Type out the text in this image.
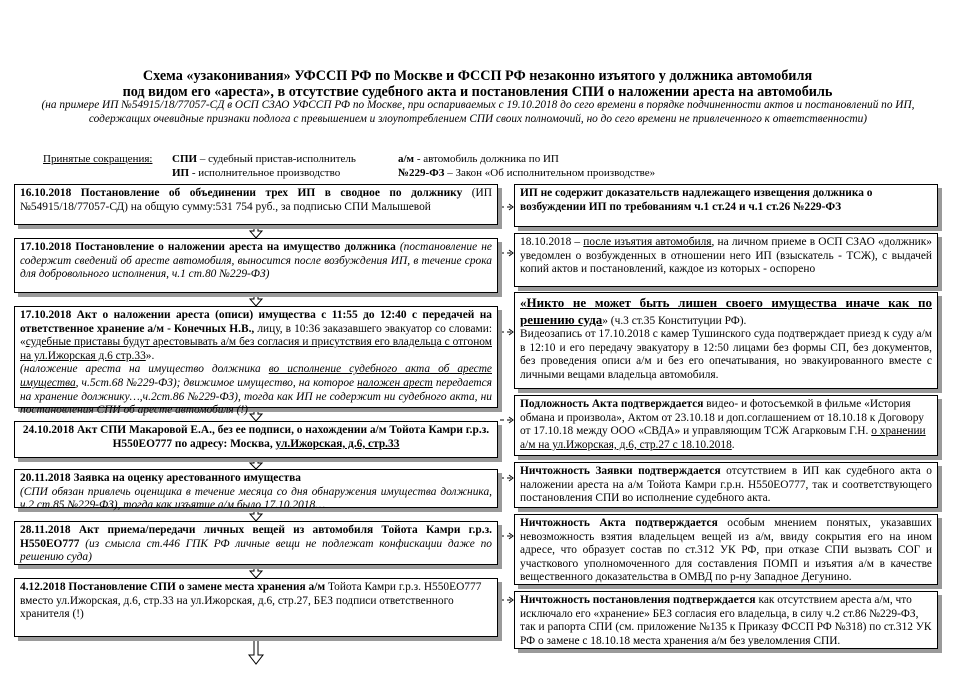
Схема «узаконивания» УФССП РФ по Москве и ФССП РФ незаконно изъятого у должника автомобиля
под видом его «ареста», в отсутствие судебного акта и постановления СПИ о наложении ареста на автомобиль
(на примере ИП №54915/18/77057-СД в ОСП СЗАО УФССП РФ по Москве, при оспариваемых с 19.10.2018 до сего времени в порядке подчиненности актов и постановлений по ИП, содержащих очевидные признаки подлога с превышением и злоупотреблением СПИ своих полномочий, но до сего времени не привлеченного к ответственности)
Принятые сокращения: СПИ – судебный пристав-исполнитель
ИП - исполнительное производство
а/м - автомобиль должника по ИП
№229-ФЗ – Закон «Об исполнительном производстве»
16.10.2018 Постановление об объединении трех ИП в сводное по должнику (ИП №54915/18/77057-СД) на общую сумму:531 754 руб., за подписью СПИ Малышевой
17.10.2018 Постановление о наложении ареста на имущество должника (постановление не содержит сведений об аресте автомобиля, выносится после возбуждения ИП, в течение срока для добровольного исполнения, ч.1 ст.80 №229-ФЗ)
17.10.2018 Акт о наложении ареста (описи) имущества с 11:55 до 12:40 с передачей на ответственное хранение а/м - Конечных Н.В., лицу, в 10:36 заказавшего эвакуатор со словами: «судебные приставы будут арестовывать а/м без согласия и присутствия его владельца с отгоном на ул.Ижорская д.6 стр.33».
(наложение ареста на имущество должника во исполнение судебного акта об аресте имущества, ч.5ст.68 №229-ФЗ); движимое имущество, на которое наложен арест передается на хранение должнику…,ч.2ст.86 №229-ФЗ), тогда как ИП не содержит ни судебного акта, ни постановления СПИ об аресте автомобиля (!)
24.10.2018 Акт СПИ Макаровой Е.А., без ее подписи, о нахождении а/м Тойота Камри г.р.з. Н550ЕО777 по адресу: Москва, ул.Ижорская, д.6, стр.33

20.11.2018 Заявка на оценку арестованного имущества

(СПИ обязан привлечь оценщика в течение месяца со дня обнаружения имущества должника, ч.2 ст.85 №229-ФЗ), тогда как изъятие а/м было 17.10.2018…

28.11.2018 Акт приема/передачи личных вещей из автомобиля Тойота Камри г.р.з. Н550ЕО777 (из смысла ст.446 ГПК РФ личные вещи не подлежат конфискации даже по решению суда)
4.12.2018 Постановление СПИ о замене места хранения а/м Тойота Камри г.р.з. Н550ЕО777 вместо ул.Ижорская, д.6, стр.33 на ул.Ижорская, д.6, стр.27, БЕЗ подписи ответственного хранителя (!)
ИП не содержит доказательств надлежащего извещения должника о возбуждении ИП по требованиям ч.1 ст.24 и ч.1 ст.26 №229-ФЗ
18.10.2018 – после изъятия автомобиля, на личном приеме в ОСП СЗАО «должник» уведомлен о возбужденных в отношении него ИП (взыскатель - ТСЖ), с выдачей копий актов и постановлений, каждое из которых - оспорено
«Никто не может быть лишен своего имущества иначе как по решению суда» (ч.3 ст.35 Конституции РФ).
Видеозапись от 17.10.2018 с камер Тушинского суда подтверждает приезд к суду а/м в 12:10 и его передачу эвакуатору в 12:50 лицами без формы СП, без документов, без проведения описи а/м и без его опечатывания, но эвакуированного вместе с личными вещами владельца автомобиля.
Подложность Акта подтверждается видео- и фотосъемкой в фильме «История обмана и произвола», Актом от 23.10.18 и доп.соглашением от 18.10.18 к Договору от 17.10.18 между ООО «СВДА» и управляющим ТСЖ Агарковым Г.Н. о хранении а/м на ул.Ижорская, д.6, стр.27 с 18.10.2018.
Ничтожность Заявки подтверждается отсутствием в ИП как судебного акта о наложении ареста на а/м Тойота Камри г.р.н. Н550ЕО777, так и соответствующего постановления СПИ во исполнение судебного акта.
Ничтожность Акта подтверждается особым мнением понятых, указавших невозможность взятия владельцем вещей из а/м, ввиду сокрытия его на ином адресе, что образует состав по ст.312 УК РФ, при отказе СПИ вызвать СОГ и участкового уполномоченного для составления ПОМП и изъятия а/м в качестве вещественного доказательства в ОМВД по р-ну Западное Дегунино.
Ничтожность постановления подтверждается как отсутствием ареста а/м, что исключало его «хранение» БЕЗ согласия его владельца, в силу ч.2 ст.86 №229-ФЗ, так и рапорта СПИ (см. приложение №135 к Приказу ФССП РФ №318) по ст.312 УК РФ о замене с 18.10.18 места хранения а/м без увеломления СПИ.
